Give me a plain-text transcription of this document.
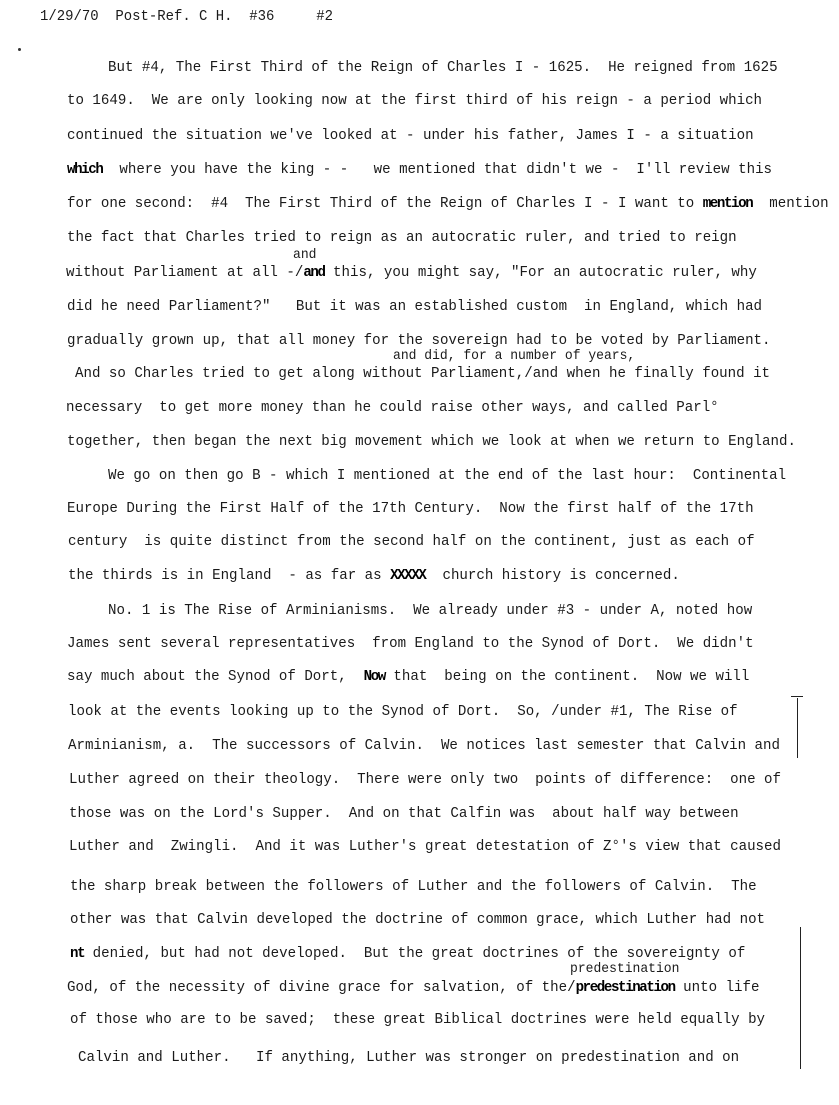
1/29/70  Post-Ref. C H.  #36     #2
But #4, The First Third of the Reign of Charles I - 1625.  He reigned from 1625
to 1649.  We are only looking now at the first third of his reign - a period which
continued the situation we've looked at - under his father, James I - a situation
which  where you have the king - -   we mentioned that didn't we -  I'll review this
for one second:  #4  The First Third of the Reign of Charles I - I want to mention  mention
the fact that Charles tried to reign as an autocratic ruler, and tried to reign
and
without Parliament at all -/and this, you might say, "For an autocratic ruler, why
did he need Parliament?"   But it was an established custom  in England, which had
gradually grown up, that all money for the sovereign had to be voted by Parliament.
and did, for a number of years,
And so Charles tried to get along without Parliament,/and when he finally found it
necessary  to get more money than he could raise other ways, and called Parl°
together, then began the next big movement which we look at when we return to England.
We go on then go B - which I mentioned at the end of the last hour:  Continental
Europe During the First Half of the 17th Century.  Now the first half of the 17th
century  is quite distinct from the second half on the continent, just as each of
the thirds is in England  - as far as XXXXX  church history is concerned.
No. 1 is The Rise of Arminianisms.  We already under #3 - under A, noted how
James sent several representatives  from England to the Synod of Dort.  We didn't
say much about the Synod of Dort,  Now that  being on the continent.  Now we will
look at the events looking up to the Synod of Dort.  So, /under #1, The Rise of
Arminianism, a.  The successors of Calvin.  We notices last semester that Calvin and
Luther agreed on their theology.  There were only two  points of difference:  one of
those was on the Lord's Supper.  And on that Calfin was  about half way between
Luther and  Zwingli.  And it was Luther's great detestation of Z°'s view that caused
the sharp break between the followers of Luther and the followers of Calvin.  The
other was that Calvin developed the doctrine of common grace, which Luther had not
nt denied, but had not developed.  But the great doctrines of the sovereignty of
predestination
God, of the necessity of divine grace for salvation, of the/predestination unto life
of those who are to be saved;  these great Biblical doctrines were held equally by
Calvin and Luther.   If anything, Luther was stronger on predestination and on
